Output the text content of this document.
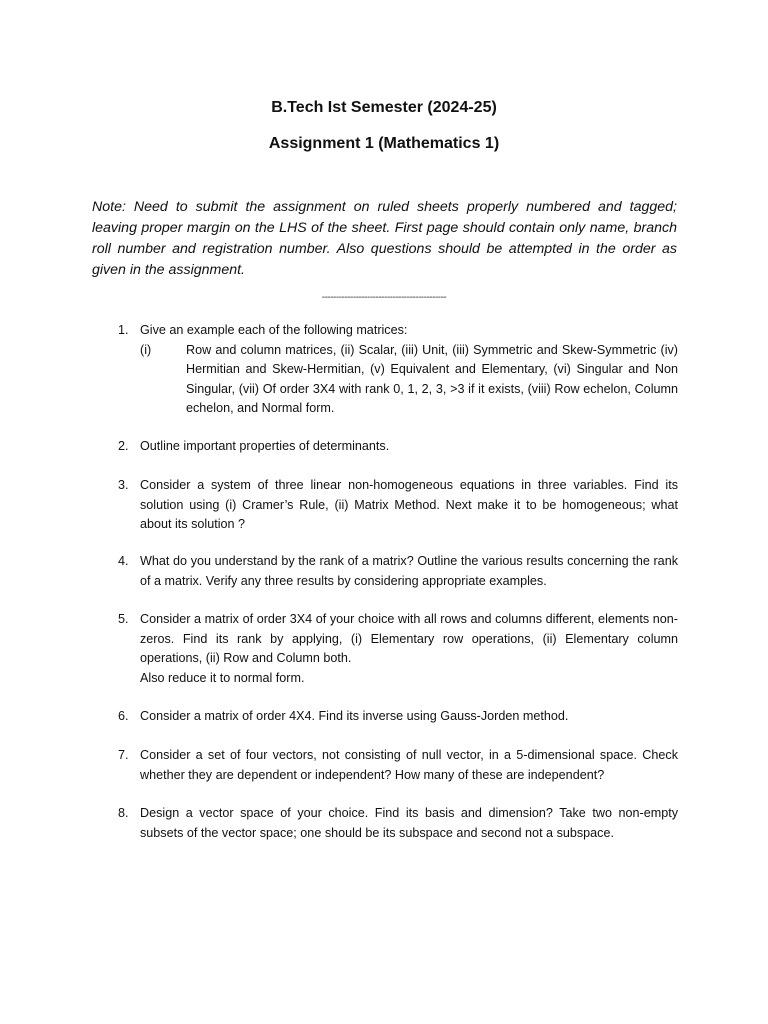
B.Tech Ist Semester (2024-25)
Assignment 1 (Mathematics 1)
Note: Need to submit the assignment on ruled sheets properly numbered and tagged; leaving proper margin on the LHS of the sheet. First page should contain only name, branch roll number and registration number. Also questions should be attempted in the order as given in the assignment.
--------------------------------------------
1. Give an example each of the following matrices:
(i)	Row and column matrices, (ii) Scalar, (iii) Unit, (iii) Symmetric and Skew-Symmetric (iv) Hermitian and Skew-Hermitian, (v) Equivalent and Elementary, (vi) Singular and Non Singular, (vii) Of order 3X4 with rank 0, 1, 2, 3, >3 if it exists, (viii) Row echelon, Column echelon, and Normal form.
2. Outline important properties of determinants.
3. Consider a system of three linear non-homogeneous equations in three variables. Find its solution using (i) Cramer’s Rule, (ii) Matrix Method. Next make it to be homogeneous; what about its solution ?
4. What do you understand by the rank of a matrix? Outline the various results concerning the rank of a matrix. Verify any three results by considering appropriate examples.
5. Consider a matrix of order 3X4 of your choice with all rows and columns different, elements non-zeros. Find its rank by applying, (i) Elementary row operations, (ii) Elementary column operations, (ii) Row and Column both.
Also reduce it to normal form.
6. Consider a matrix of order 4X4. Find its inverse using Gauss-Jorden method.
7. Consider a set of four vectors, not consisting of null vector, in a 5-dimensional space. Check whether they are dependent or independent? How many of these are independent?
8. Design a vector space of your choice. Find its basis and dimension? Take two non-empty subsets of the vector space; one should be its subspace and second not a subspace.
